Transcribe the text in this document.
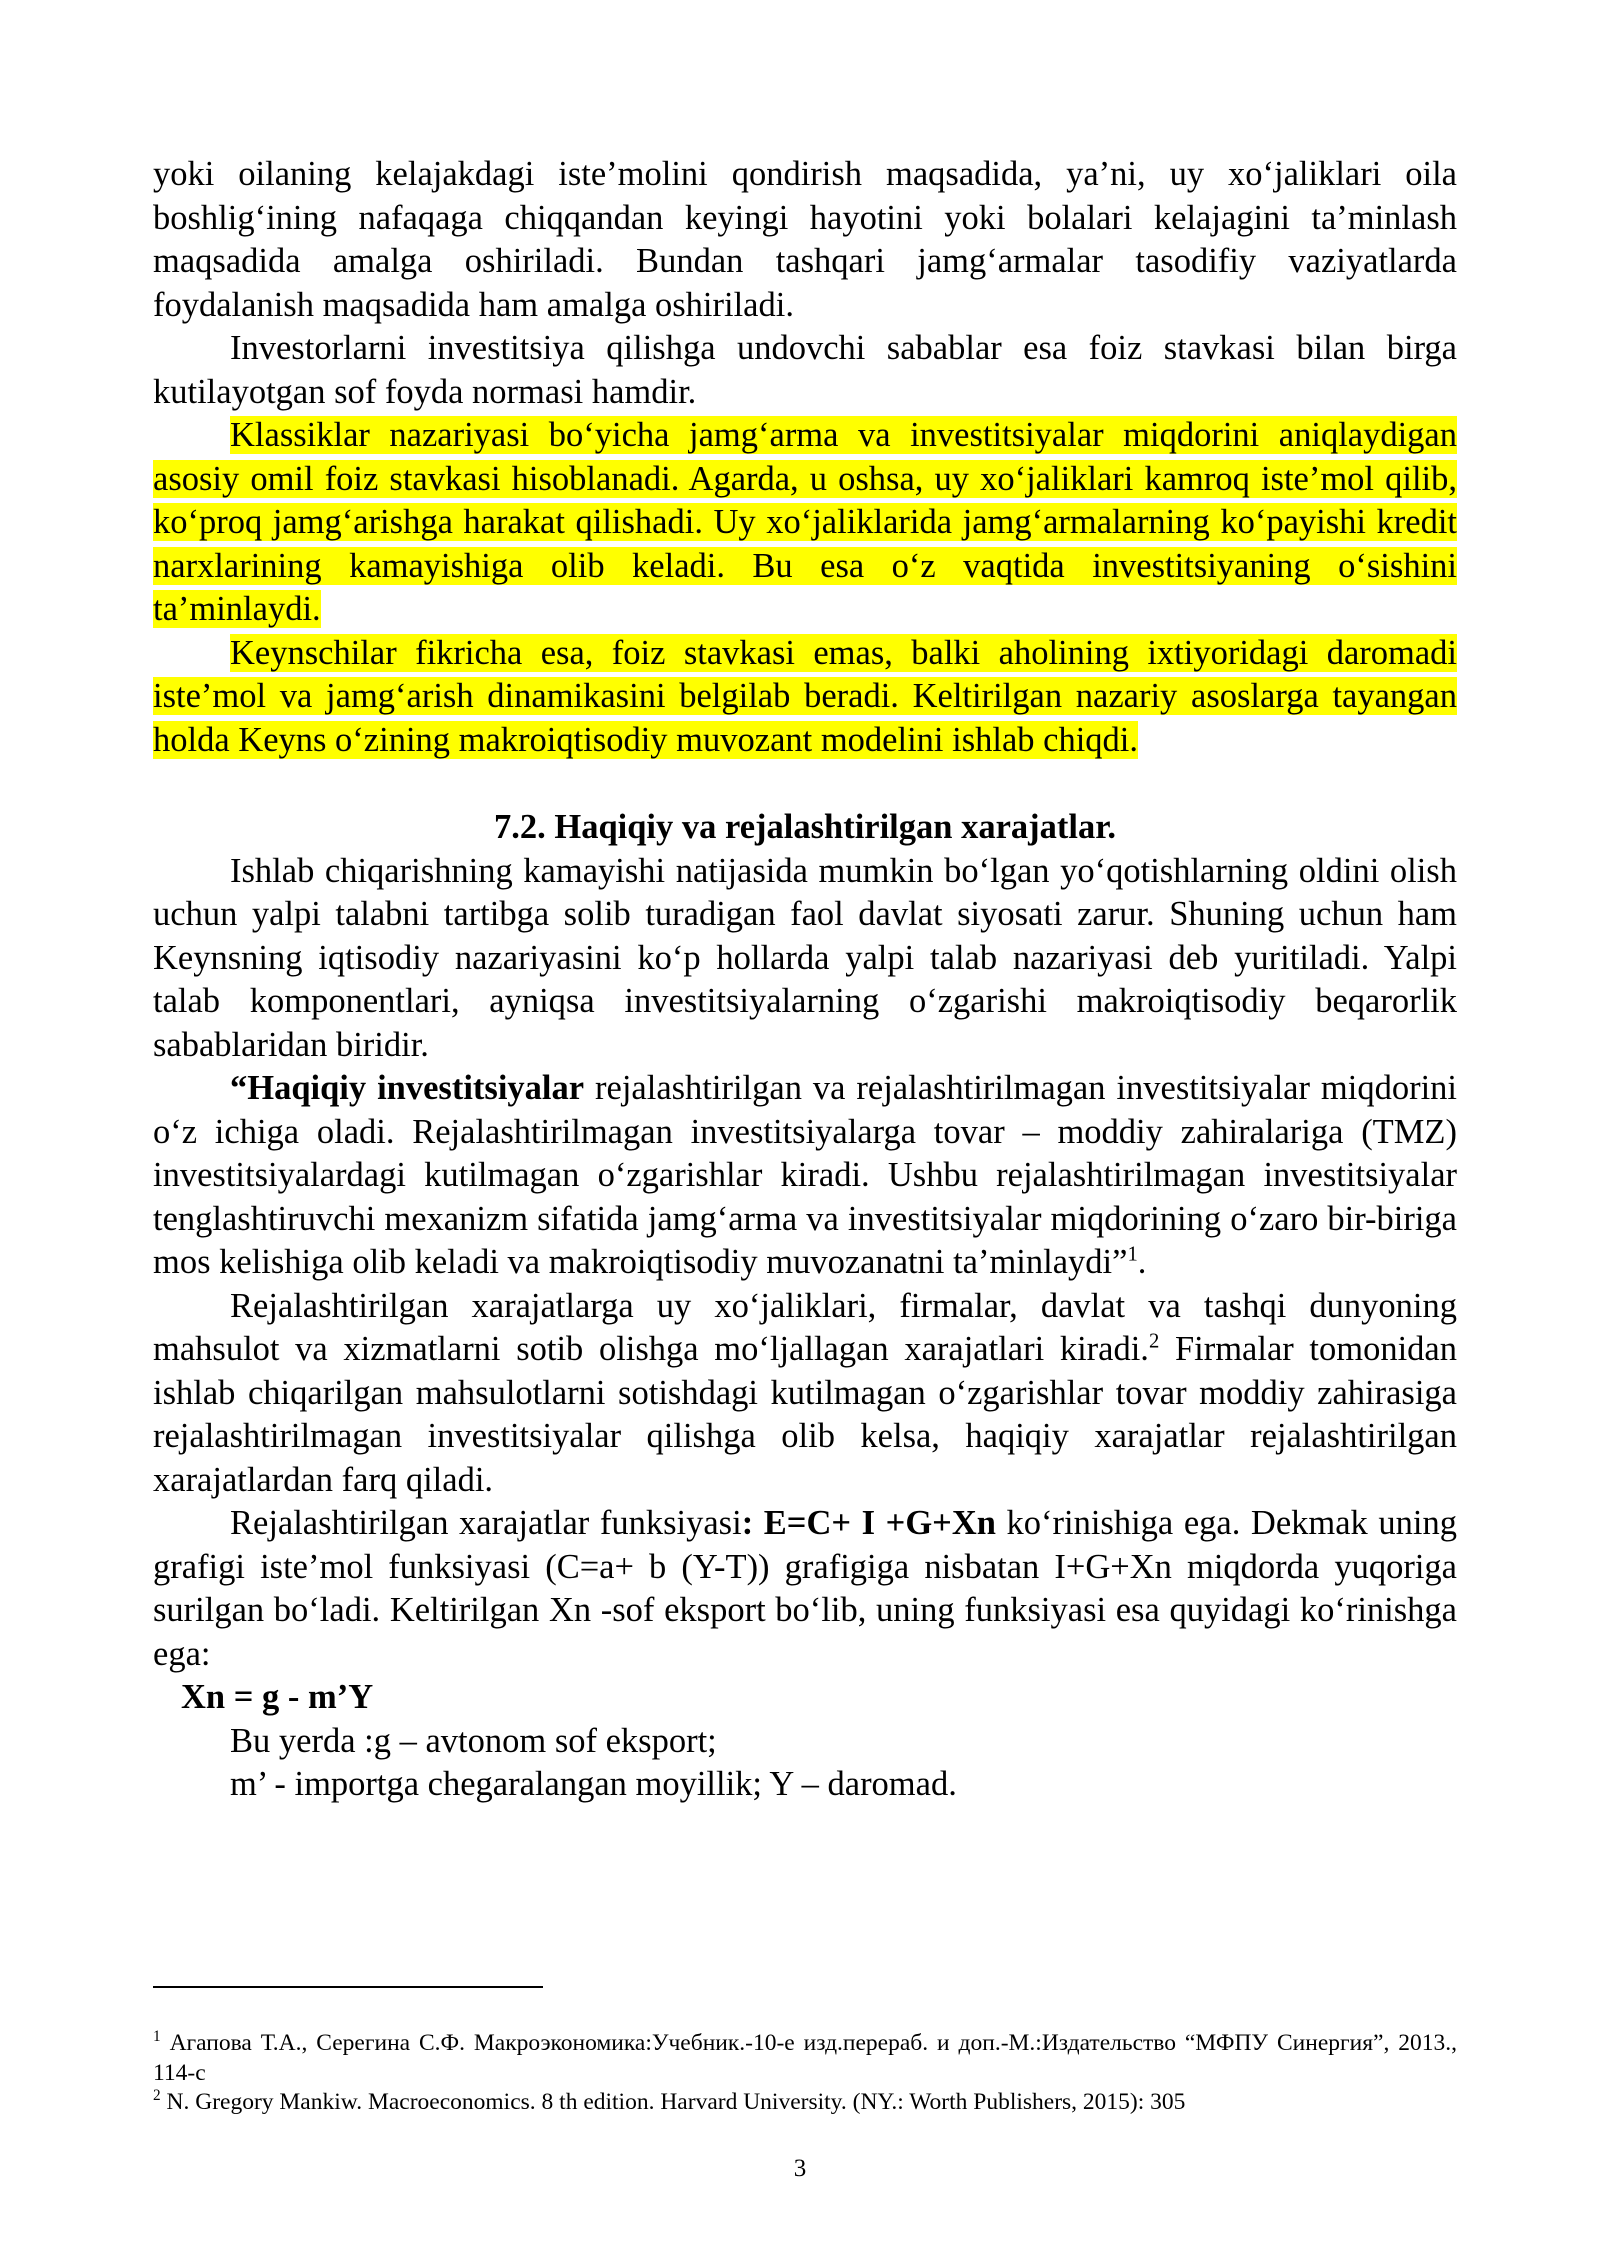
yoki oilaning kelajakdagi iste’molini qondirish maqsadida, ya’ni, uy xo‘jaliklari oila boshlig‘ining nafaqaga chiqqandan keyingi hayotini yoki bolalari kelajagini ta’minlash maqsadida amalga oshiriladi. Bundan tashqari jamg‘armalar tasodifiy vaziyatlarda foydalanish maqsadida ham amalga oshiriladi.

Investorlarni investitsiya qilishga undovchi sabablar esa foiz stavkasi bilan birga kutilayotgan sof foyda normasi hamdir.

Klassiklar nazariyasi bo‘yicha jamg‘arma va investitsiyalar miqdorini aniqlaydigan asosiy omil foiz stavkasi hisoblanadi. Agarda, u oshsa, uy xo‘jaliklari kamroq iste’mol qilib, ko‘proq jamg‘arishga harakat qilishadi. Uy xo‘jaliklarida jamg‘armalarning ko‘payishi kredit narxlarining kamayishiga olib keladi. Bu esa o‘z vaqtida investitsiyaning o‘sishini ta’minlaydi.

Keynschilar fikricha esa, foiz stavkasi emas, balki aholining ixtiyoridagi daromadi iste’mol va jamg‘arish dinamikasini belgilab beradi. Keltirilgan nazariy asoslarga tayangan holda Keyns o‘zining makroiqtisodiy muvozant modelini ishlab chiqdi.

7.2. Haqiqiy va rejalashtirilgan xarajatlar.

Ishlab chiqarishning kamayishi natijasida mumkin bo‘lgan yo‘qotishlarning oldini olish uchun yalpi talabni tartibga solib turadigan faol davlat siyosati zarur. Shuning uchun ham Keynsning iqtisodiy nazariyasini ko‘p hollarda yalpi talab nazariyasi deb yuritiladi. Yalpi talab komponentlari, ayniqsa investitsiyalarning o‘zgarishi makroiqtisodiy beqarorlik sabablaridan biridir.

“Haqiqiy investitsiyalar rejalashtirilgan va rejalashtirilmagan investitsiyalar miqdorini o‘z ichiga oladi. Rejalashtirilmagan investitsiyalarga tovar – moddiy zahiralariga (TMZ) investitsiyalardagi kutilmagan o‘zgarishlar kiradi. Ushbu rejalashtirilmagan investitsiyalar tenglashtiruvchi mexanizm sifatida jamg‘arma va investitsiyalar miqdorining o‘zaro bir-biriga mos kelishiga olib keladi va makroiqtisodiy muvozanatni ta’minlaydi”$^1$.

Rejalashtirilgan xarajatlarga uy xo‘jaliklari, firmalar, davlat va tashqi dunyoning mahsulot va xizmatlarni sotib olishga mo‘ljallagan xarajatlari kiradi.$^2$ Firmalar tomonidan ishlab chiqarilgan mahsulotlarni sotishdagi kutilmagan o‘zgarishlar tovar moddiy zahirasiga rejalashtirilmagan investitsiyalar qilishga olib kelsa, haqiqiy xarajatlar rejalashtirilgan xarajatlardan farq qiladi.

Rejalashtirilgan xarajatlar funksiyasi: E=C+ I +G+Xn ko‘rinishiga ega. Dekmak uning grafigi iste’mol funksiyasi (C=a+ b (Y-T)) grafigiga nisbatan I+G+Xn miqdorda yuqoriga surilgan bo‘ladi. Keltirilgan Xn -sof eksport bo‘lib, uning funksiyasi esa quyidagi ko‘rinishga ega:

Xn = g - m’Y

Bu yerda :g – avtonom sof eksport;

m’ - importga chegaralangan moyillik; Y – daromad.

$^1$ Агапова Т.А., Серегина С.Ф. Макроэкономика:Учебник.-10-е изд.перераб. и доп.-М.:Издательство “МФПУ Синергия”, 2013., 114-с

$^2$ N. Gregory Mankiw. Macroeconomics. 8 th edition. Harvard University. (NY.: Worth Publishers, 2015): 305

3
